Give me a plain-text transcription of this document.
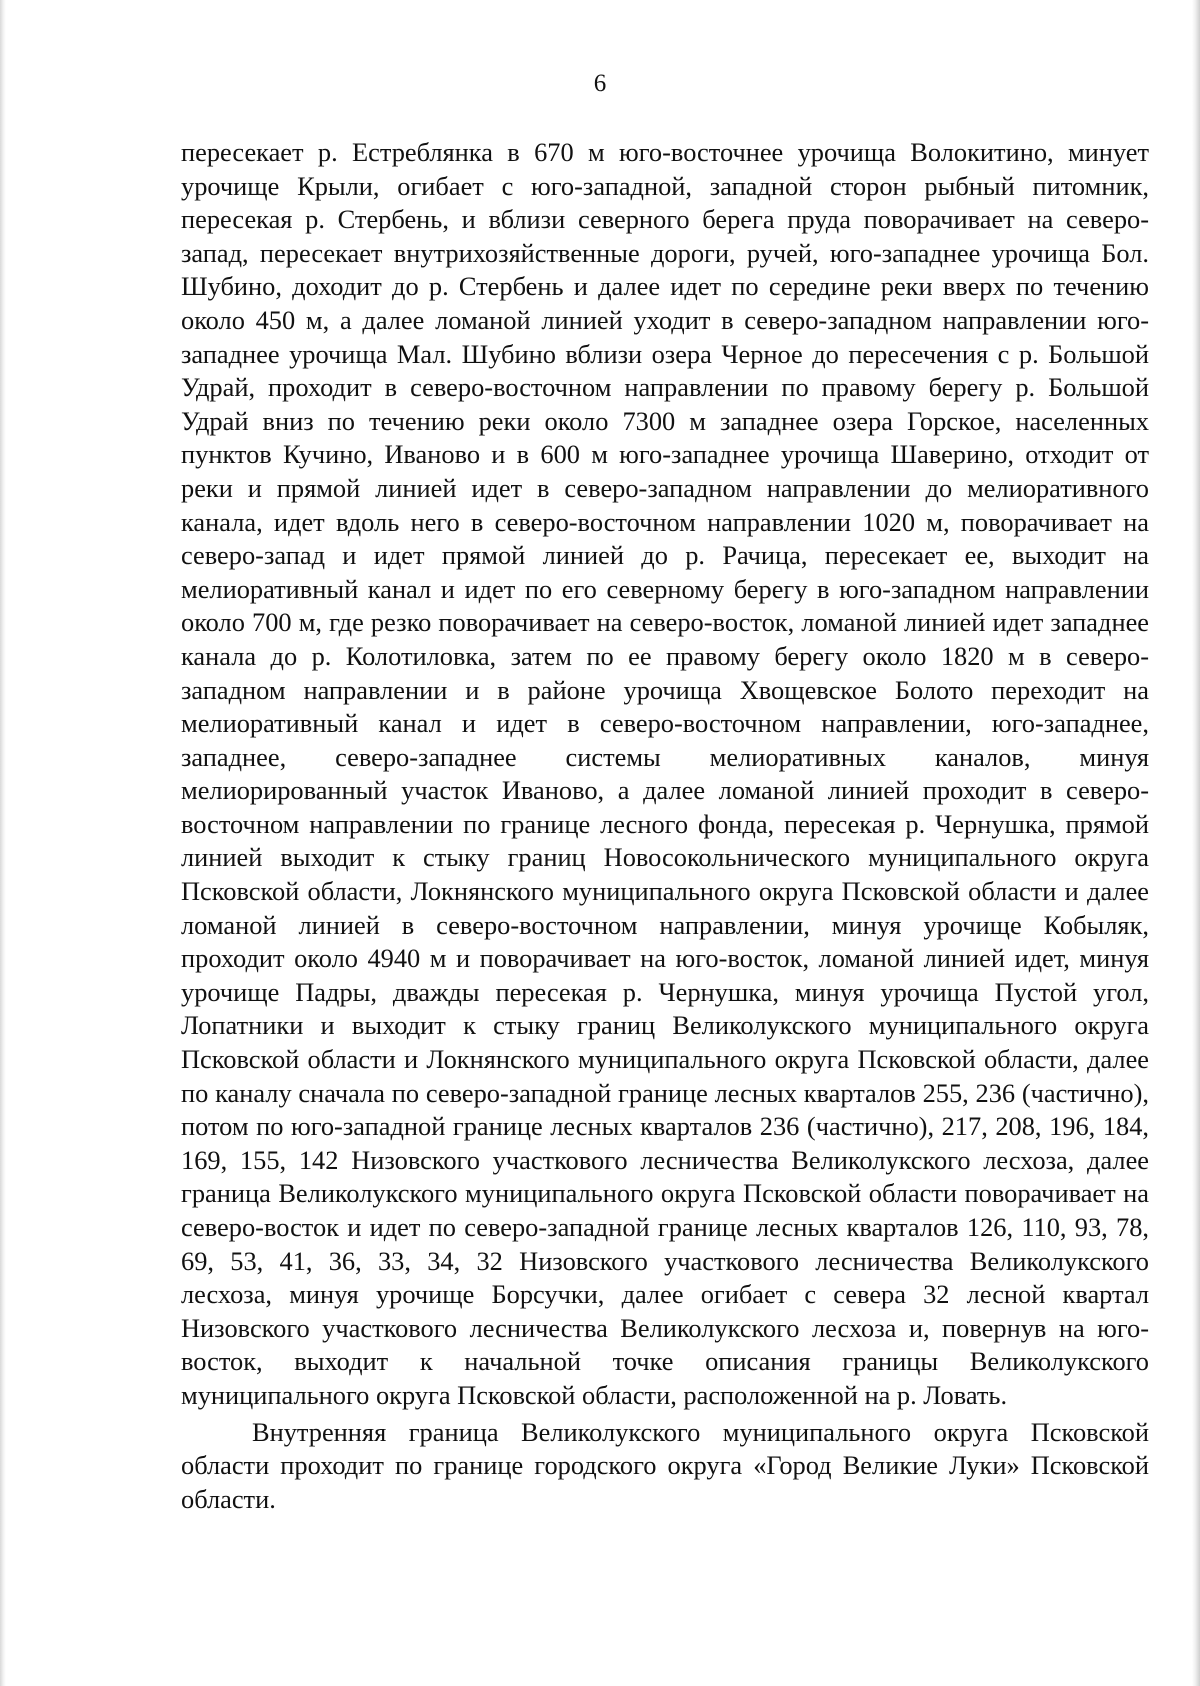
6

пересекает р. Естреблянка в 670 м юго-восточнее урочища Волокитино, минует урочище Крыли, огибает с юго-западной, западной сторон рыбный питомник, пересекая р. Стербень, и вблизи северного берега пруда поворачивает на северо-запад, пересекает внутрихозяйственные дороги, ручей, юго-западнее урочища Бол. Шубино, доходит до р. Стербень и далее идет по середине реки вверх по течению около 450 м, а далее ломаной линией уходит в северо-западном направлении юго-западнее урочища Мал. Шубино вблизи озера Черное до пересечения с р. Большой Удрай, проходит в северо-восточном направлении по правому берегу р. Большой Удрай вниз по течению реки около 7300 м западнее озера Горское, населенных пунктов Кучино, Иваново и в 600 м юго-западнее урочища Шаверино, отходит от реки и прямой линией идет в северо-западном направлении до мелиоративного канала, идет вдоль него в северо-восточном направлении 1020 м, поворачивает на северо-запад и идет прямой линией до р. Рачица, пересекает ее, выходит на мелиоративный канал и идет по его северному берегу в юго-западном направлении около 700 м, где резко поворачивает на северо-восток, ломаной линией идет западнее канала до р. Колотиловка, затем по ее правому берегу около 1820 м в северо-западном направлении и в районе урочища Хвощевское Болото переходит на мелиоративный канал и идет в северо-восточном направлении, юго-западнее, западнее, северо-западнее системы мелиоративных каналов, минуя мелиорированный участок Иваново, а далее ломаной линией проходит в северо-восточном направлении по границе лесного фонда, пересекая р. Чернушка, прямой линией выходит к стыку границ Новосокольнического муниципального округа Псковской области, Локнянского муниципального округа Псковской области и далее ломаной линией в северо-восточном направлении, минуя урочище Кобыляк, проходит около 4940 м и поворачивает на юго-восток, ломаной линией идет, минуя урочище Падры, дважды пересекая р. Чернушка, минуя урочища Пустой угол, Лопатники и выходит к стыку границ Великолукского муниципального округа Псковской области и Локнянского муниципального округа Псковской области, далее по каналу сначала по северо-западной границе лесных кварталов 255, 236 (частично), потом по юго-западной границе лесных кварталов 236 (частично), 217, 208, 196, 184, 169, 155, 142 Низовского участкового лесничества Великолукского лесхоза, далее граница Великолукского муниципального округа Псковской области поворачивает на северо-восток и идет по северо-западной границе лесных кварталов 126, 110, 93, 78, 69, 53, 41, 36, 33, 34, 32 Низовского участкового лесничества Великолукского лесхоза, минуя урочище Борсучки, далее огибает с севера 32 лесной квартал Низовского участкового лесничества Великолукского лесхоза и, повернув на юго-восток, выходит к начальной точке описания границы Великолукского муниципального округа Псковской области, расположенной на р. Ловать.

Внутренняя граница Великолукского муниципального округа Псковской области проходит по границе городского округа «Город Великие Луки» Псковской области.
